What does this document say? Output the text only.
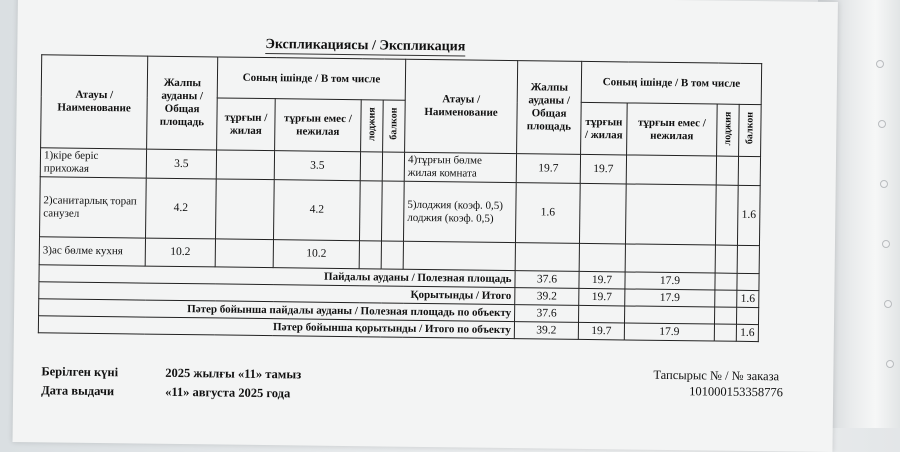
Экспликациясы / Экспликация
Атауы / Наименование	Жалпы ауданы / Общая площадь	Соның ішінде / В том числе				Атауы / Наименование	Жалпы ауданы / Общая площадь	Соның ішінде / В том числе			
		тұрғын / жилая	тұрғын емес / нежилая	лоджия	балкон			тұрғын / жилая	тұрғын емес / нежилая	лоджия	балкон
1)кіре беріс прихожая	3.5		3.5			4)тұрғын бөлме жилая комната	19.7	19.7			
2)санитарлық торап санузел	4.2		4.2			5)лоджия (коэф. 0,5) лоджия (коэф. 0,5)	1.6				1.6
3)ас бөлме кухня	10.2		10.2								
Пайдалы ауданы / Полезная площадь							37.6	19.7	17.9		
Қорытынды / Итого							39.2	19.7	17.9		1.6
Пәтер бойынша пайдалы ауданы / Полезная площадь по объекту							37.6				
Пәтер бойынша қорытынды / Итого по объекту							39.2	19.7	17.9		1.6
Берілген күні
Дата выдачи
2025 жылғы «11» тамыз
«11» августа 2025 года
Тапсырыс № / № заказа
101000153358776
